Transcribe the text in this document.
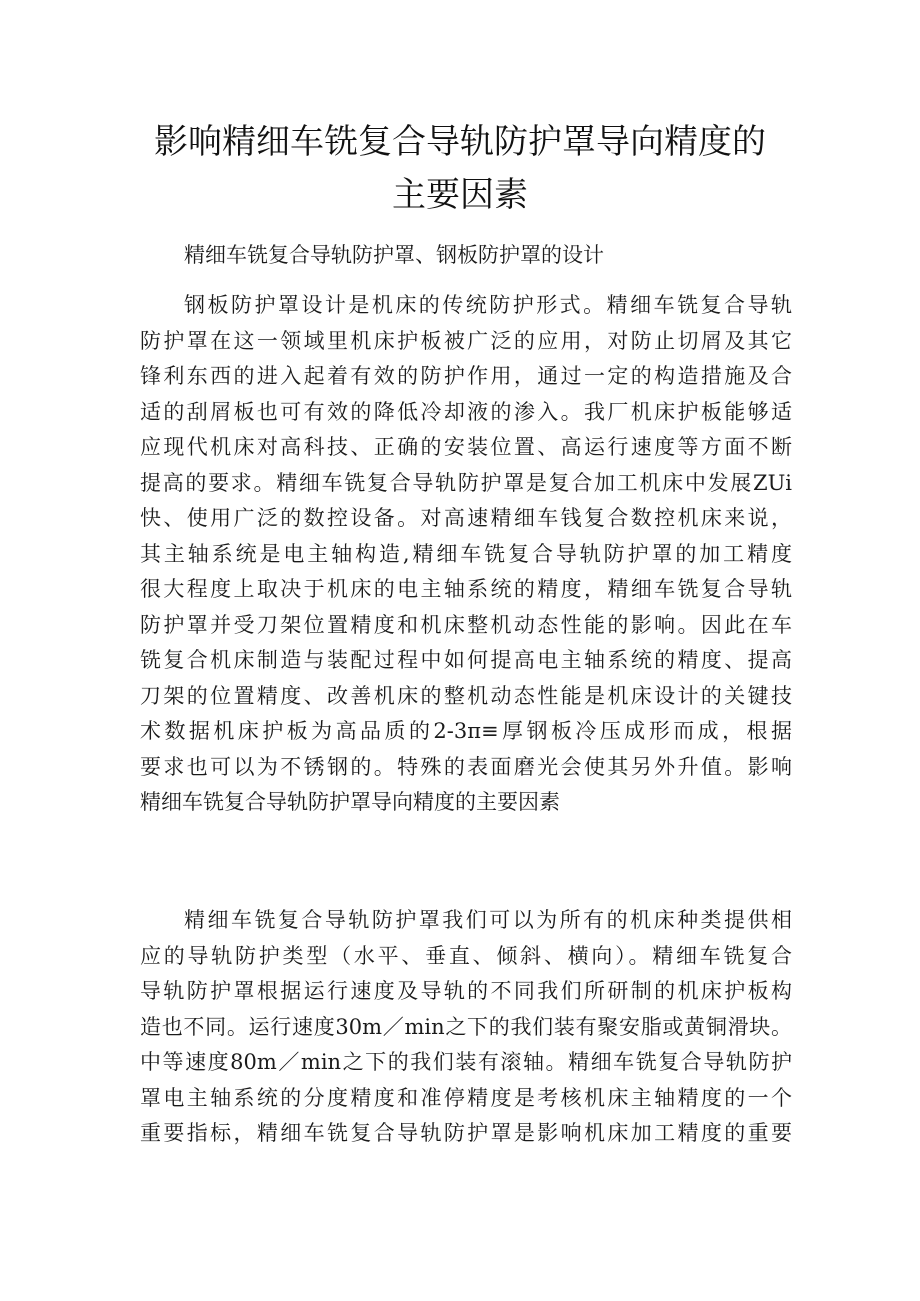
影响精细车铣复合导轨防护罩导向精度的
主要因素

精细车铣复合导轨防护罩、钢板防护罩的设计

钢板防护罩设计是机床的传统防护形式。精细车铣复合导轨
防护罩在这一领域里机床护板被广泛的应用，对防止切屑及其它
锋利东西的进入起着有效的防护作用，通过一定的构造措施及合
适的刮屑板也可有效的降低冷却液的渗入。我厂机床护板能够适
应现代机床对高科技、正确的安装位置、高运行速度等方面不断
提高的要求。精细车铣复合导轨防护罩是复合加工机床中发展ZUi
快、使用广泛的数控设备。对高速精细车钱复合数控机床来说，
其主轴系统是电主轴构造,精细车铣复合导轨防护罩的加工精度
很大程度上取决于机床的电主轴系统的精度，精细车铣复合导轨
防护罩并受刀架位置精度和机床整机动态性能的影响。因此在车
铣复合机床制造与装配过程中如何提高电主轴系统的精度、提高
刀架的位置精度、改善机床的整机动态性能是机床设计的关键技
术数据机床护板为高品质的2-3π≡厚钢板冷压成形而成，根据
要求也可以为不锈钢的。特殊的表面磨光会使其另外升值。影响
精细车铣复合导轨防护罩导向精度的主要因素
精细车铣复合导轨防护罩我们可以为所有的机床种类提供相
应的导轨防护类型（水平、垂直、倾斜、横向）。精细车铣复合
导轨防护罩根据运行速度及导轨的不同我们所研制的机床护板构
造也不同。运行速度30m／min之下的我们装有聚安脂或黄铜滑块。
中等速度80m／min之下的我们装有滚轴。精细车铣复合导轨防护
罩电主轴系统的分度精度和准停精度是考核机床主轴精度的一个
重要指标，精细车铣复合导轨防护罩是影响机床加工精度的重要
